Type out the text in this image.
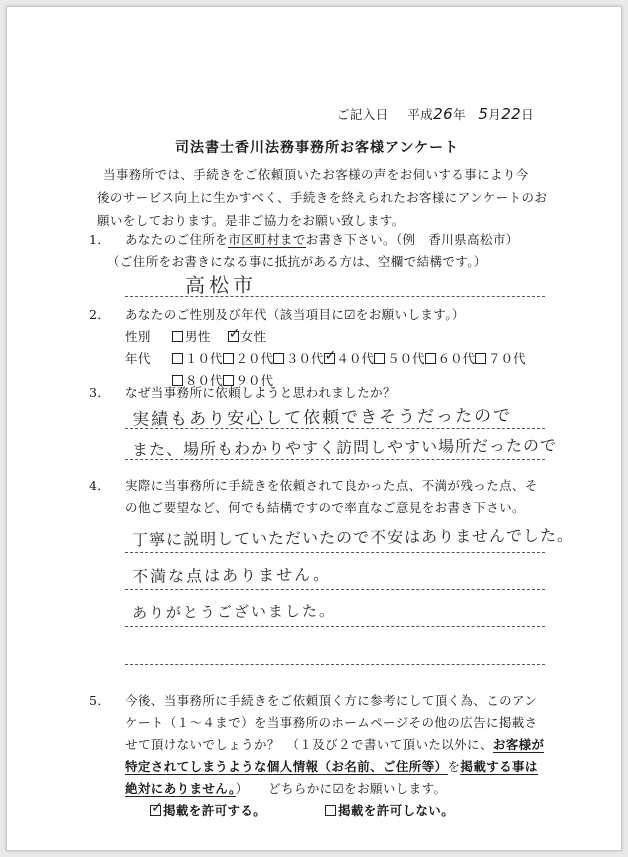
ご記入日 平成26年 5月22日
司法書士香川法務事務所お客様アンケート
当事務所では、手続きをご依頼頂いたお客様の声をお伺いする事により今
後のサービス向上に生かすべく、手続きを終えられたお客様にアンケートのお
願いをしております。是非ご協力をお願い致します。
1． あなたのご住所を市区町村までお書き下さい。（例　香川県高松市）
（ご住所をお書きになる事に抵抗がある方は、空欄で結構です。）
高松市
2． あなたのご性別及び年代（該当項目に☑をお願いします。）
性別	男性 ✓ 女性
年代	１０代 ２０代 ３０代 ✓ ４０代 ５０代 ６０代 ７０代
８０代 ９０代
3． なぜ当事務所に依頼しようと思われましたか？
実績もあり安心して依頼できそうだったので
また、場所もわかりやすく訪問しやすい場所だったので
4． 実際に当事務所に手続きを依頼されて良かった点、不満が残った点、そ
の他ご要望など、何でも結構ですので率直なご意見をお書き下さい。
丁寧に説明していただいたので不安はありませんでした。
不満な点はありません。
ありがとうございました。
5． 今後、当事務所に手続きをご依頼頂く方に参考にして頂く為、このアン
ケート（１～４まで）を当事務所のホームページその他の広告に掲載さ
せて頂けないでしょうか？　（１及び２で書いて頂いた以外に、お客様が
特定されてしまうような個人情報（お名前、ご住所等）を掲載する事は
絶対にありません。）　　どちらかに☑をお願いします。
✓掲載を許可する。	掲載を許可しない。
